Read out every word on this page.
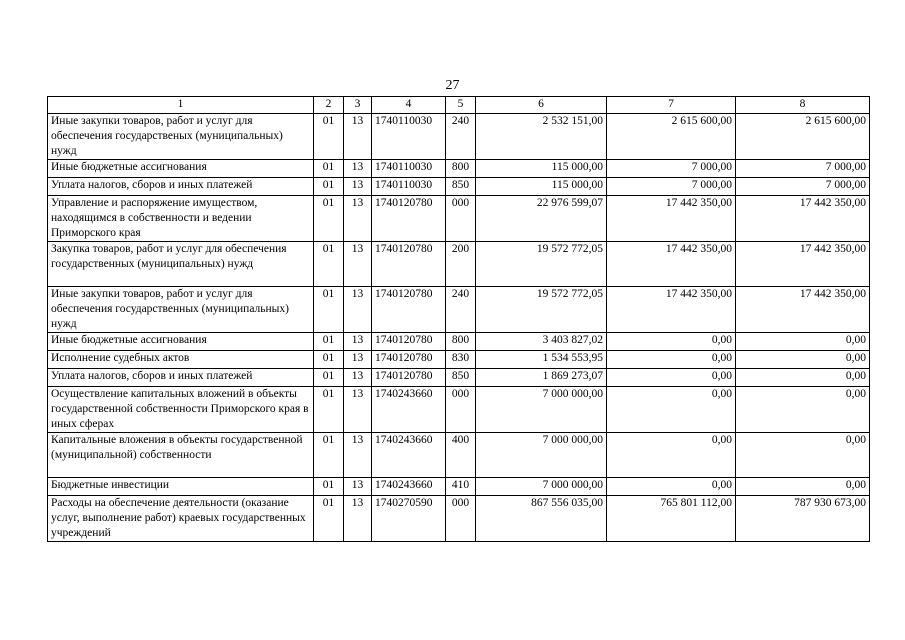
27
1	2	3	4	5	6	7	8
Иные закупки товаров, работ и услуг для обеспечения государственых (муниципальных) нужд	01	13	1740110030	240	2 532 151,00	2 615 600,00	2 615 600,00
Иные бюджетные ассигнования	01	13	1740110030	800	115 000,00	7 000,00	7 000,00
Уплата налогов, сборов и иных платежей	01	13	1740110030	850	115 000,00	7 000,00	7 000,00
Управление и распоряжение имуществом, находящимся в собственности и ведении Приморского края	01	13	1740120780	000	22 976 599,07	17 442 350,00	17 442 350,00
Закупка товаров, работ и услуг для обеспечения государственных (муниципальных) нужд	01	13	1740120780	200	19 572 772,05	17 442 350,00	17 442 350,00
Иные закупки товаров, работ и услуг для обеспечения государственных (муниципальных) нужд	01	13	1740120780	240	19 572 772,05	17 442 350,00	17 442 350,00
Иные бюджетные ассигнования	01	13	1740120780	800	3 403 827,02	0,00	0,00
Исполнение судебных актов	01	13	1740120780	830	1 534 553,95	0,00	0,00
Уплата налогов, сборов и иных платежей	01	13	1740120780	850	1 869 273,07	0,00	0,00
Осуществление капитальных вложений в объекты государственной собственности Приморского края в иных сферах	01	13	1740243660	000	7 000 000,00	0,00	0,00
Капитальные вложения в объекты государственной (муниципальной) собственности	01	13	1740243660	400	7 000 000,00	0,00	0,00
Бюджетные инвестиции	01	13	1740243660	410	7 000 000,00	0,00	0,00
Расходы на обеспечение деятельности (оказание услуг, выполнение работ) краевых государственных учреждений	01	13	1740270590	000	867 556 035,00	765 801 112,00	787 930 673,00
